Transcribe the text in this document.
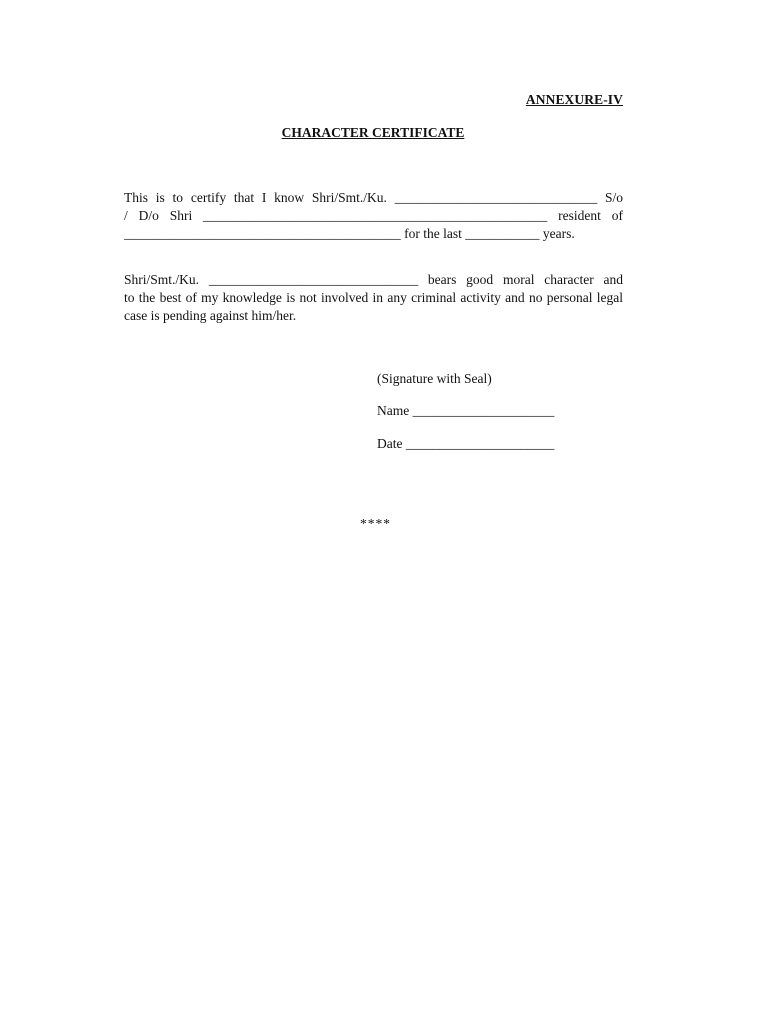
ANNEXURE-IV
CHARACTER CERTIFICATE
This is to certify that I know Shri/Smt./Ku. ______________________________ S/o
/ D/o Shri ___________________________________________________ resident of
_________________________________________ for the last ___________ years.
Shri/Smt./Ku. _______________________________ bears good moral character and
to the best of my knowledge is not involved in any criminal activity and no personal legal
case is pending against him/her.
(Signature with Seal)
Name _____________________
Date ______________________
****
